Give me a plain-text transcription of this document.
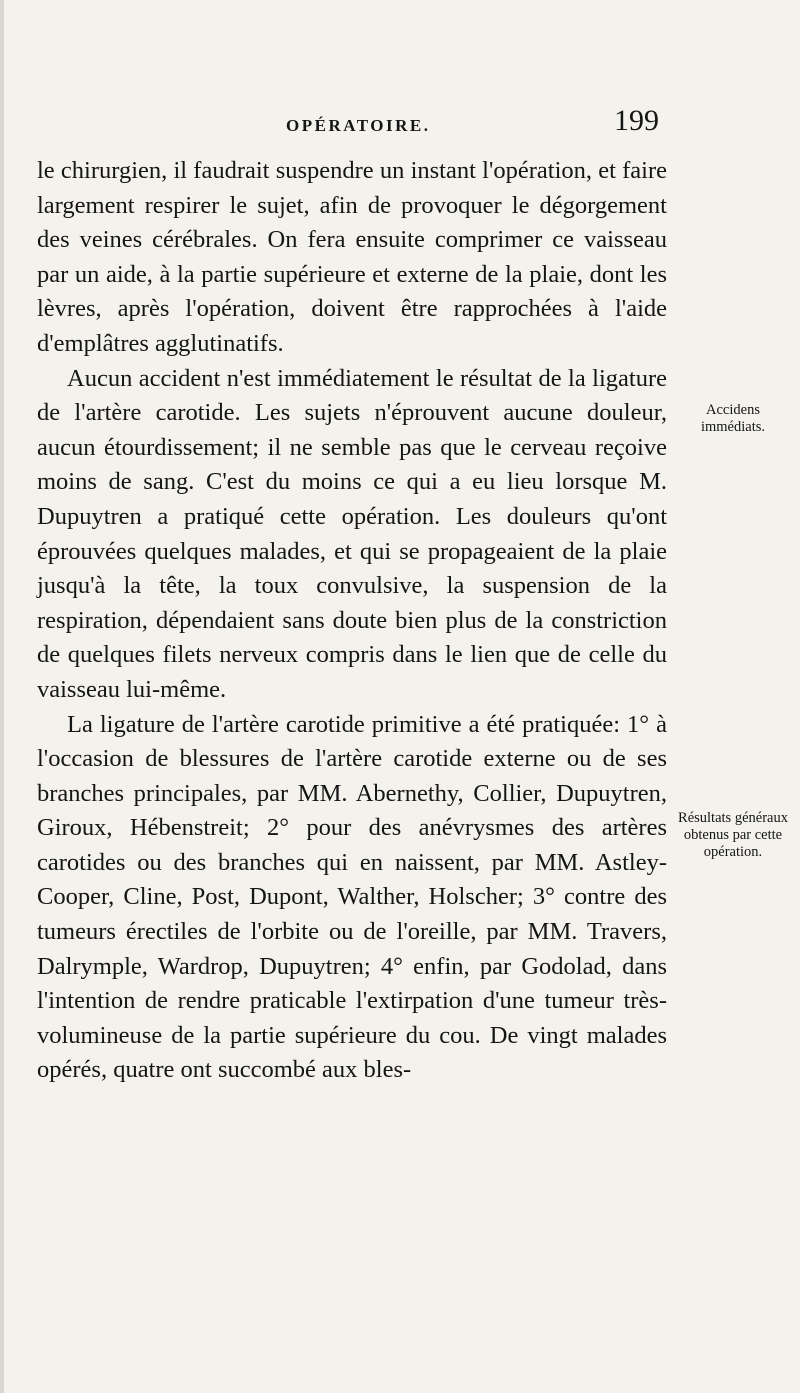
OPÉRATOIRE.	199

le chirurgien, il faudrait suspendre un instant l'opération, et faire largement respirer le sujet, afin de provoquer le dégorgement des veines cérébrales. On fera ensuite comprimer ce vaisseau par un aide, à la partie supérieure et externe de la plaie, dont les lèvres, après l'opération, doivent être rapprochées à l'aide d'emplâtres agglutinatifs.

Aucun accident n'est immédiatement le résultat de la ligature de l'artère carotide. Les sujets n'éprouvent aucune douleur, aucun étourdissement; il ne semble pas que le cerveau reçoive moins de sang. C'est du moins ce qui a eu lieu lorsque M. Dupuytren a pratiqué cette opération. Les douleurs qu'ont éprouvées quelques malades, et qui se propageaient de la plaie jusqu'à la tête, la toux convulsive, la suspension de la respiration, dépendaient sans doute bien plus de la constriction de quelques filets nerveux compris dans le lien que de celle du vaisseau lui-même.

La ligature de l'artère carotide primitive a été pratiquée: 1° à l'occasion de blessures de l'artère carotide externe ou de ses branches principales, par MM. Abernethy, Collier, Dupuytren, Giroux, Hébenstreit; 2° pour des anévrysmes des artères carotides ou des branches qui en naissent, par MM. Astley-Cooper, Cline, Post, Dupont, Walther, Holscher; 3° contre des tumeurs érectiles de l'orbite ou de l'oreille, par MM. Travers, Dalrymple, Wardrop, Dupuytren; 4° enfin, par Godolad, dans l'intention de rendre praticable l'extirpation d'une tumeur très-volumineuse de la partie supérieure du cou. De vingt malades opérés, quatre ont succombé aux bles-

Accidens immédiats.
Résultats généraux obtenus par cette opération.
